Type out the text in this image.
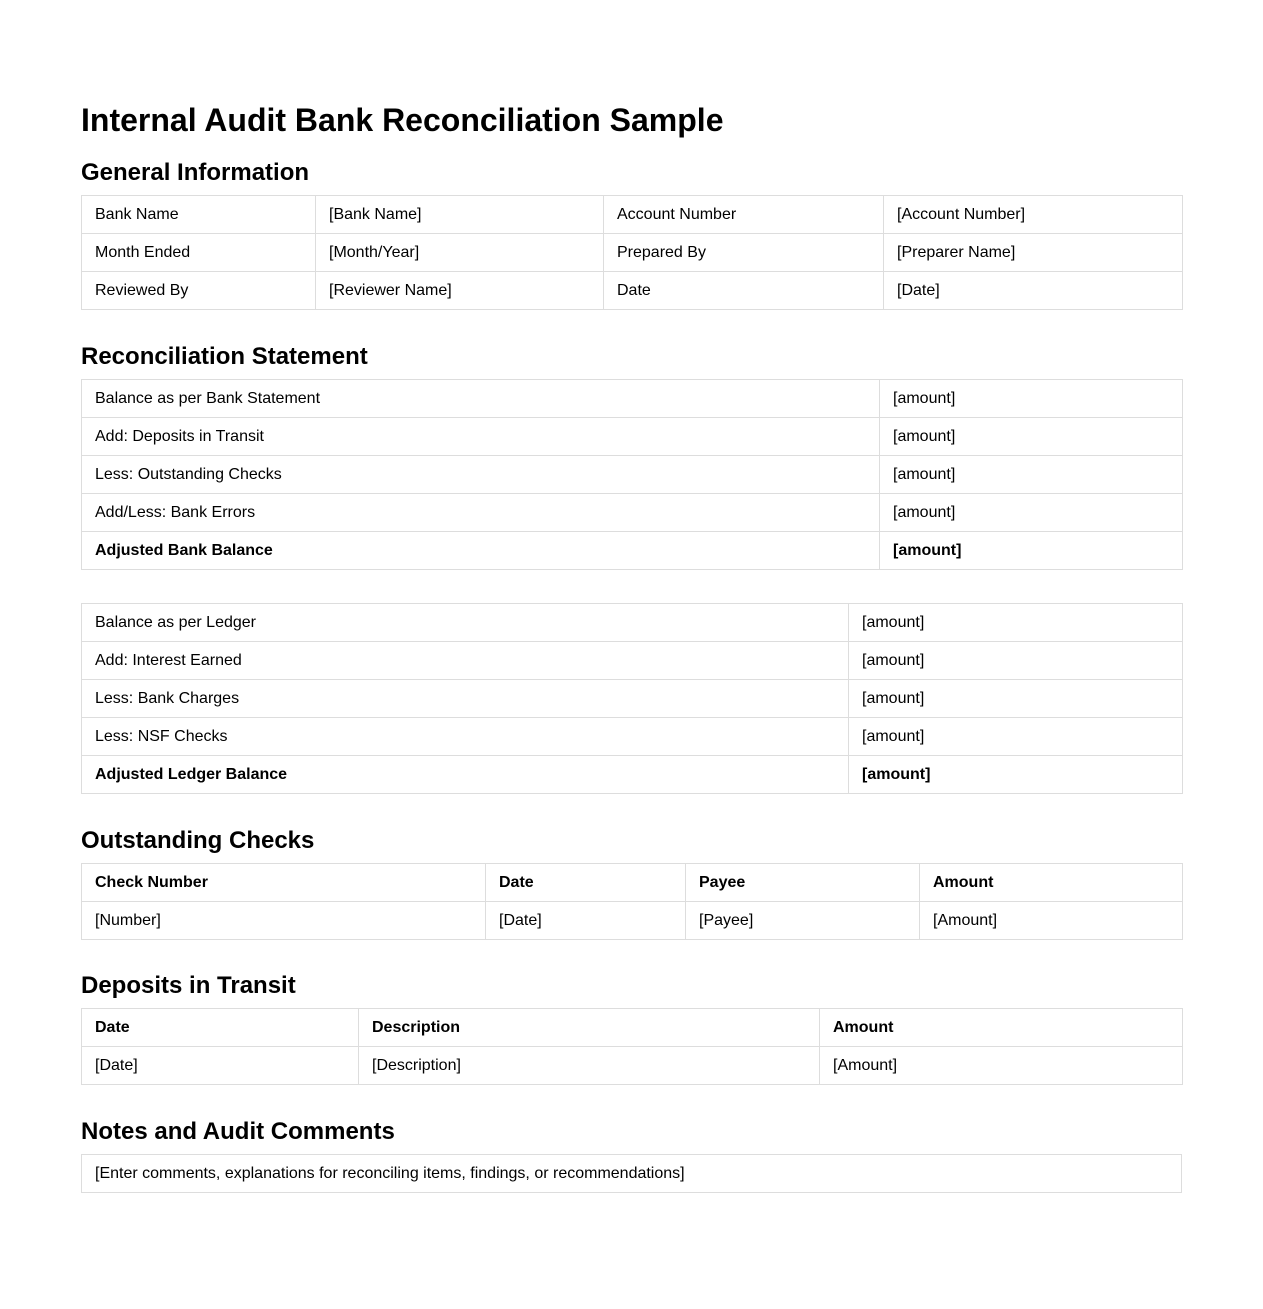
Internal Audit Bank Reconciliation Sample
General Information
Bank Name	[Bank Name]	Account Number	[Account Number]
Month Ended	[Month/Year]	Prepared By	[Preparer Name]
Reviewed By	[Reviewer Name]	Date	[Date]
Reconciliation Statement
Balance as per Bank Statement	[amount]
Add: Deposits in Transit	[amount]
Less: Outstanding Checks	[amount]
Add/Less: Bank Errors	[amount]
Adjusted Bank Balance	[amount]
Balance as per Ledger	[amount]
Add: Interest Earned	[amount]
Less: Bank Charges	[amount]
Less: NSF Checks	[amount]
Adjusted Ledger Balance	[amount]
Outstanding Checks
Check Number	Date	Payee	Amount
[Number]	[Date]	[Payee]	[Amount]
Deposits in Transit
Date	Description	Amount
[Date]	[Description]	[Amount]
Notes and Audit Comments
[Enter comments, explanations for reconciling items, findings, or recommendations]
